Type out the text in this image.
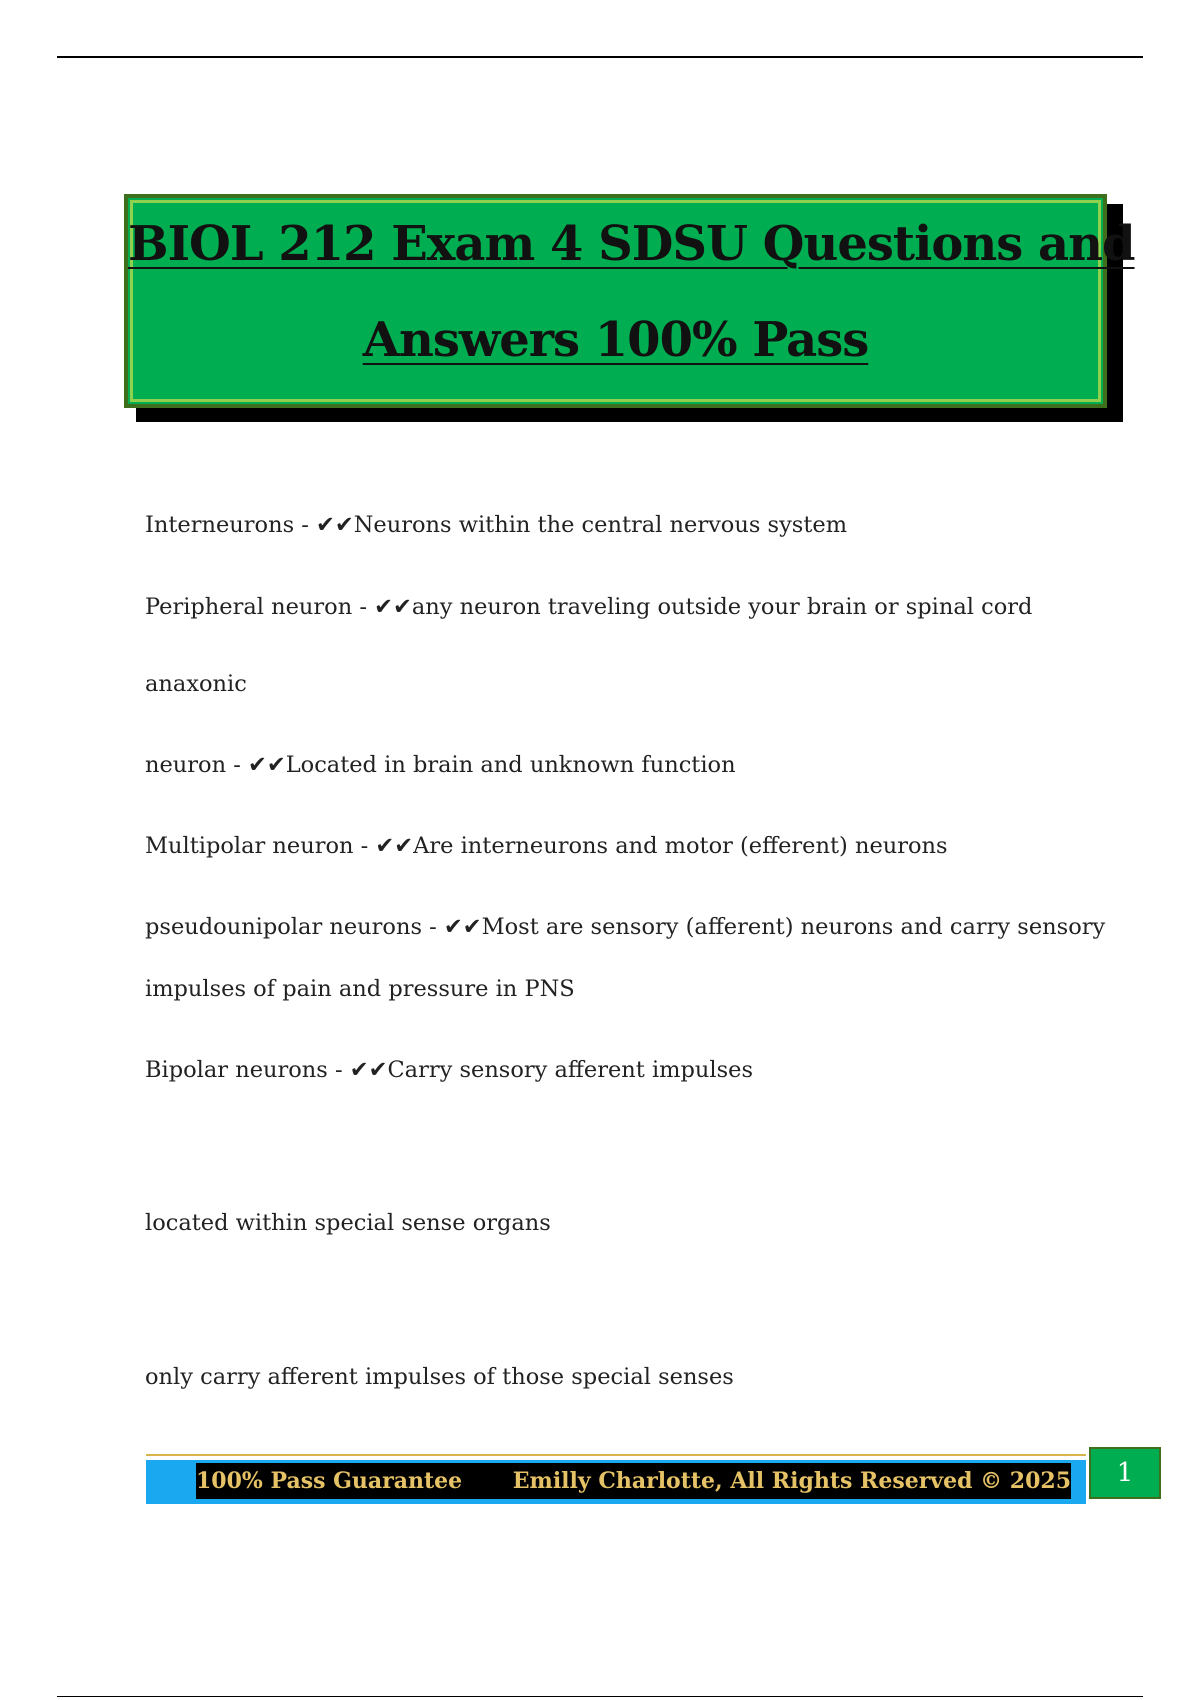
BIOL 212 Exam 4 SDSU Questions and
Answers 100% Pass
Interneurons - ✔✔Neurons within the central nervous system
Peripheral neuron - ✔✔any neuron traveling outside your brain or spinal cord
anaxonic
neuron - ✔✔Located in brain and unknown function
Multipolar neuron - ✔✔Are interneurons and motor (efferent) neurons
pseudounipolar neurons - ✔✔Most are sensory (afferent) neurons and carry sensory
impulses of pain and pressure in PNS
Bipolar neurons - ✔✔Carry sensory afferent impulses
located within special sense organs
only carry afferent impulses of those special senses
100% Pass Guarantee Emilly Charlotte, All Rights Reserved © 2025	1
